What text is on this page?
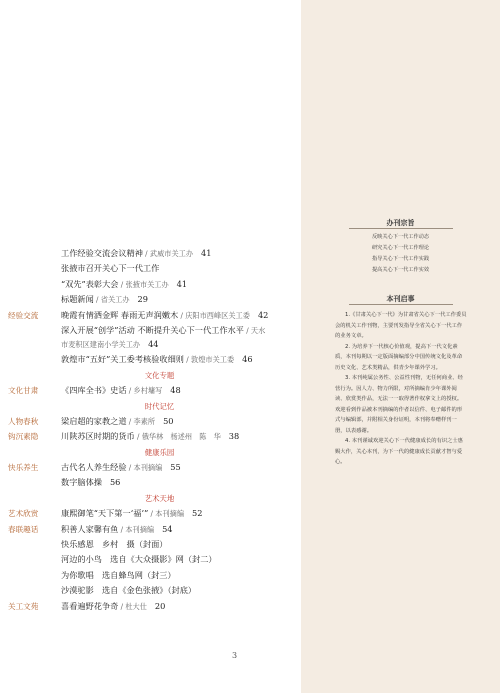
办刊宗旨
反映关心下一代工作动态
研究关心下一代工作理论
指导关心下一代工作实践
提高关心下一代工作实效
本刊启事

1.《甘肃关心下一代》为甘肃省关心下一代工作委员会的机关工作刊物，主要刊发指导全省关心下一代工作的业务文章。

2. 为培养下一代核心价值观，提高下一代文化素质，本刊每期以一定版面摘编部分中国传统文化及革命历史文化、艺术类精品，供青少年课外学习。

3. 本刊纯属公务性、公益性刊物，无任何商业、经营行为。因人力、物力所限，对所摘编肯少年课外阅读、欣赏类作品，无法一一取得著作权拿文上的授权。欢迎看到作品被本刊摘编的作者以信件、电子邮件的形式与编辑部，并附相关身份证明，本刊将奉赠样刊一册，以表感谢。

4. 本刊谨诚欢迎关心下一代健康成长的有识之士惠赐大作，关心本刊，为下一代的健康成长贡献才智与爱心。

工作经验交流会议精神 / 武威市关工办 41
张掖市召开关心下一代工作
“双先”表彰大会 / 张掖市关工办 41
标题新闻 / 省关工办 29
经验交流	晚霞有情洒金辉 春雨无声润嫩木 / 庆阳市西峰区关工委 42
深入开展“创学”活动 不断提升关心下一代工作水平 / 天水
市麦积区建南小学关工办 44
敦煌市“五好”关工委考核验收细则 / 敦煌市关工委 46
文化专题
文化甘肃	《四库全书》史话 / 乡村墉写 48
时代记忆
人物春秋	梁启超的家教之道 / 李素所 50
钩沉素隐	川陕苏区时期的货币 / 俄华林　杨述州　陈　华 38
健康乐园
快乐养生	古代名人养生经验 / 本刊摘编 55
数字脑体操 56
艺术天地
艺术欣赏	康熙御笔“天下第一‘福’” / 本刊摘编 52
春联趣话	积善人家馨有鱼 / 本刊摘编 54
快乐感恩　乡村　摄（封面）
河边的小鸟　选自《大众摄影》网（封二）
为你歌唱　选自蜂鸟网（封三）
沙漠驼影　选自《金色张掖》（封底）
关工文苑	喜看遍野花争奇 / 杜大仕 20
3
